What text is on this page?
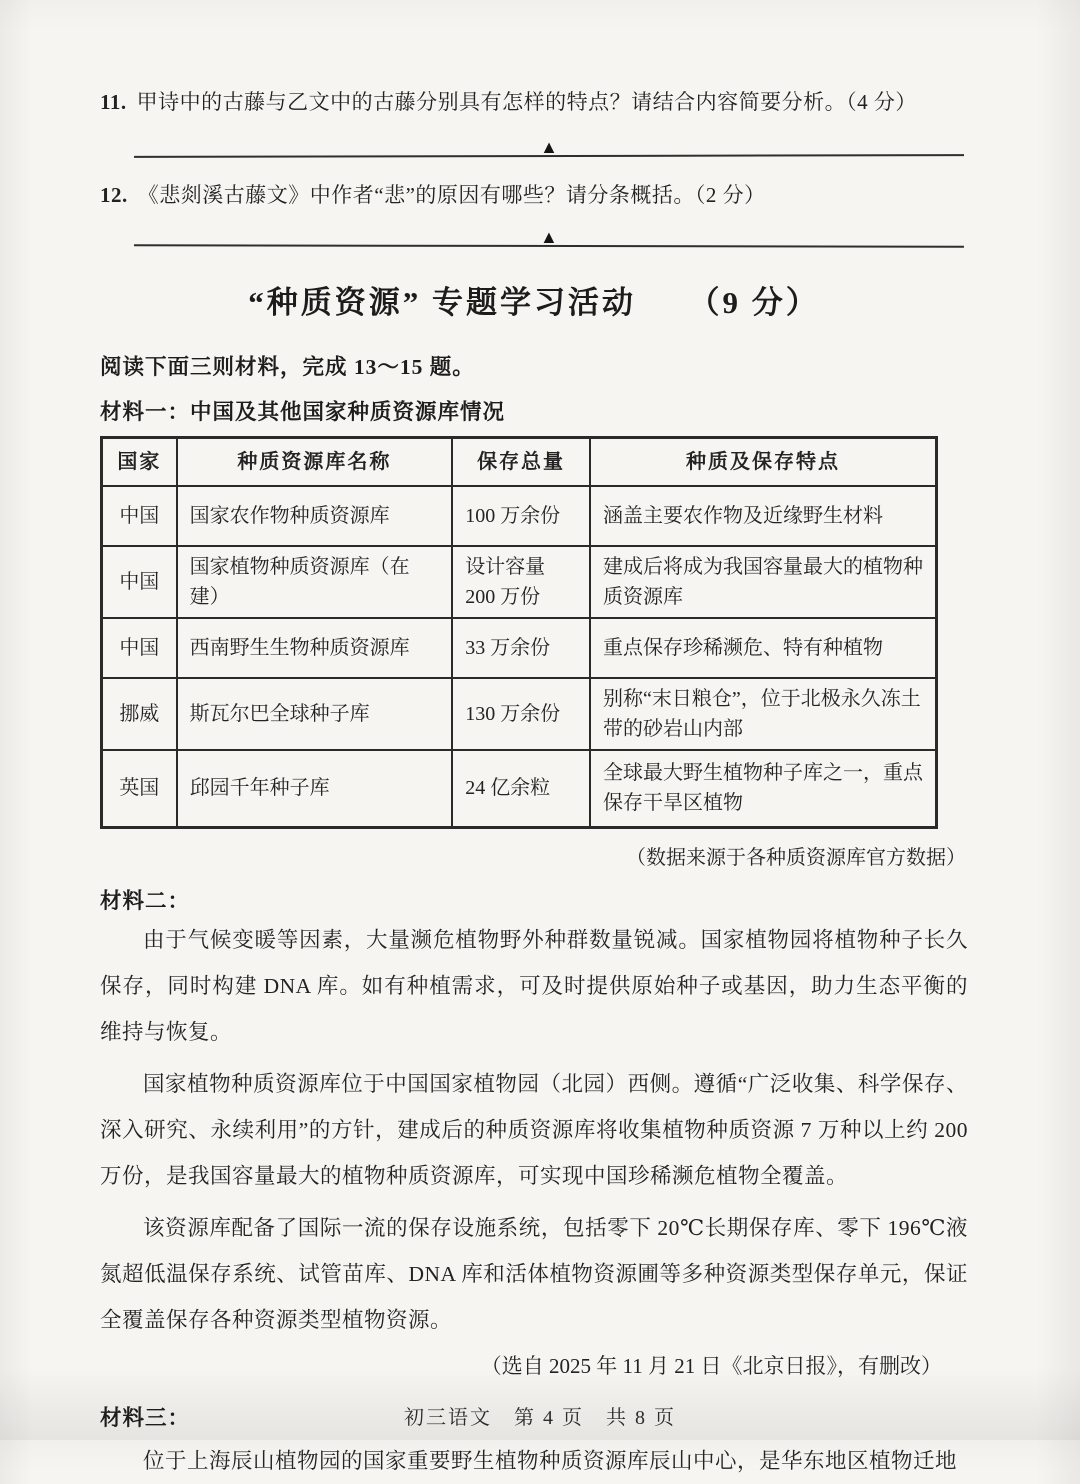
11. 甲诗中的古藤与乙文中的古藤分别具有怎样的特点？请结合内容简要分析。（4 分）
▲
12. 《悲剡溪古藤文》中作者“悲”的原因有哪些？请分条概括。（2 分）
▲
“种质资源” 专题学习活动　　（9 分）

阅读下面三则材料，完成 13～15 题。

材料一：中国及其他国家种质资源库情况

国家	种质资源库名称	保存总量	种质及保存特点
中国	国家农作物种质资源库	100 万余份	涵盖主要农作物及近缘野生材料
中国	国家植物种质资源库（在建）	设计容量 200 万份	建成后将成为我国容量最大的植物种质资源库
中国	西南野生生物种质资源库	33 万余份	重点保存珍稀濒危、特有种植物
挪威	斯瓦尔巴全球种子库	130 万余份	别称“末日粮仓”，位于北极永久冻土带的砂岩山内部
英国	邱园千年种子库	24 亿余粒	全球最大野生植物种子库之一，重点保存干旱区植物

（数据来源于各种质资源库官方数据）

材料二：

由于气候变暖等因素，大量濒危植物野外种群数量锐减。国家植物园将植物种子长久保存，同时构建 DNA 库。如有种植需求，可及时提供原始种子或基因，助力生态平衡的维持与恢复。

国家植物种质资源库位于中国国家植物园（北园）西侧。遵循“广泛收集、科学保存、深入研究、永续利用”的方针，建成后的种质资源库将收集植物种质资源 7 万种以上约 200 万份，是我国容量最大的植物种质资源库，可实现中国珍稀濒危植物全覆盖。

该资源库配备了国际一流的保存设施系统，包括零下 20℃长期保存库、零下 196℃液氮超低温保存系统、试管苗库、DNA 库和活体植物资源圃等多种资源类型保存单元，保证全覆盖保存各种资源类型植物资源。

（选自 2025 年 11 月 21 日《北京日报》，有删改）

材料三：

位于上海辰山植物园的国家重要野生植物种质资源库辰山中心，是华东地区植物迁地

初三语文　第 4 页　共 8 页
